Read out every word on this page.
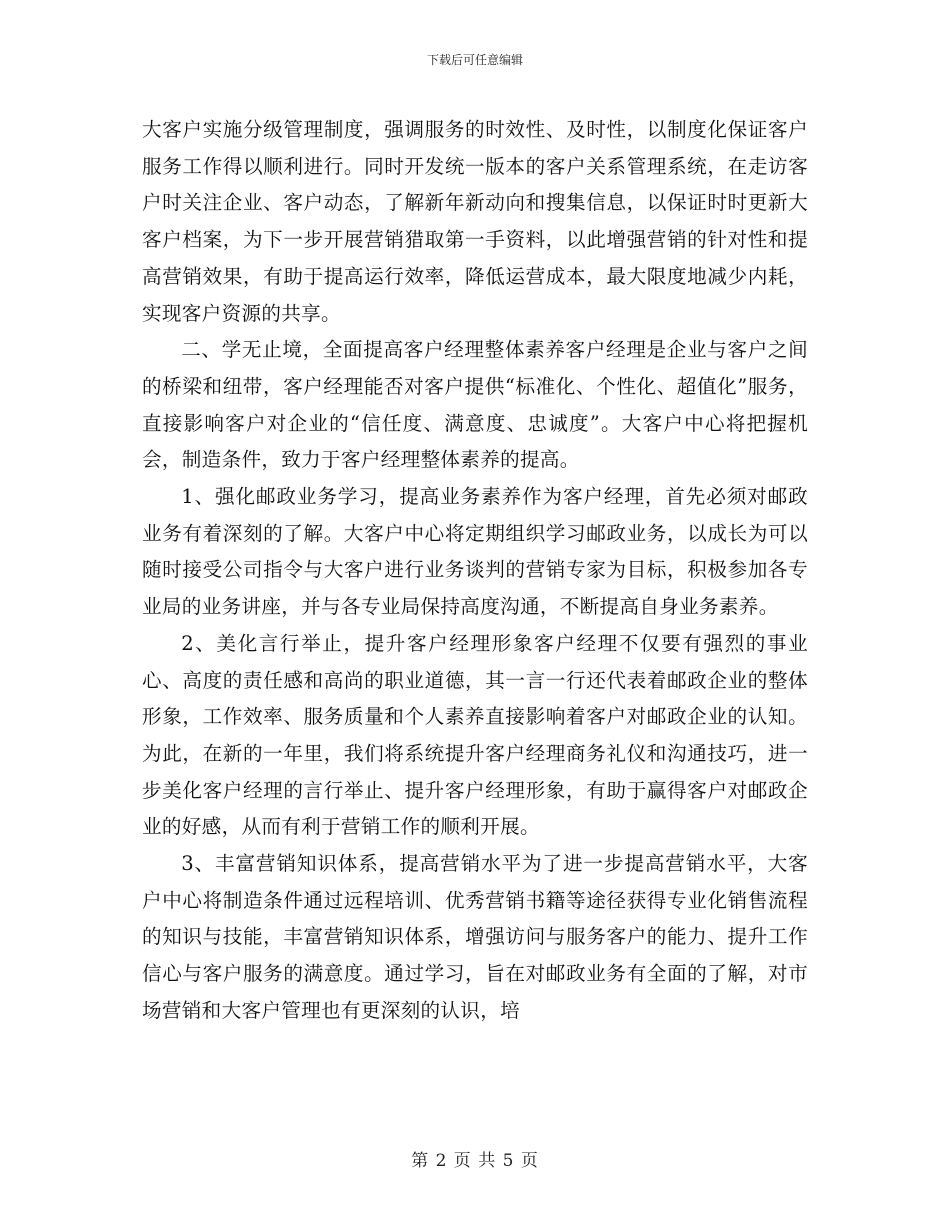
下载后可任意编辑

大客户实施分级管理制度，强调服务的时效性、及时性，以制度化保证客户服务工作得以顺利进行。同时开发统一版本的客户关系管理系统，在走访客户时关注企业、客户动态，了解新年新动向和搜集信息，以保证时时更新大客户档案，为下一步开展营销猎取第一手资料，以此增强营销的针对性和提高营销效果，有助于提高运行效率，降低运营成本，最大限度地减少内耗，实现客户资源的共享。

二、学无止境，全面提高客户经理整体素养客户经理是企业与客户之间的桥梁和纽带，客户经理能否对客户提供“标准化、个性化、超值化”服务，直接影响客户对企业的“信任度、满意度、忠诚度”。大客户中心将把握机会，制造条件，致力于客户经理整体素养的提高。

1、强化邮政业务学习，提高业务素养作为客户经理，首先必须对邮政业务有着深刻的了解。大客户中心将定期组织学习邮政业务，以成长为可以随时接受公司指令与大客户进行业务谈判的营销专家为目标，积极参加各专业局的业务讲座，并与各专业局保持高度沟通，不断提高自身业务素养。

2、美化言行举止，提升客户经理形象客户经理不仅要有强烈的事业心、高度的责任感和高尚的职业道德，其一言一行还代表着邮政企业的整体形象，工作效率、服务质量和个人素养直接影响着客户对邮政企业的认知。为此，在新的一年里，我们将系统提升客户经理商务礼仪和沟通技巧，进一步美化客户经理的言行举止、提升客户经理形象，有助于赢得客户对邮政企业的好感，从而有利于营销工作的顺利开展。

3、丰富营销知识体系，提高营销水平为了进一步提高营销水平，大客户中心将制造条件通过远程培训、优秀营销书籍等途径获得专业化销售流程的知识与技能，丰富营销知识体系，增强访问与服务客户的能力、提升工作信心与客户服务的满意度。通过学习，旨在对邮政业务有全面的了解，对市场营销和大客户管理也有更深刻的认识，培

第 2 页 共 5 页
